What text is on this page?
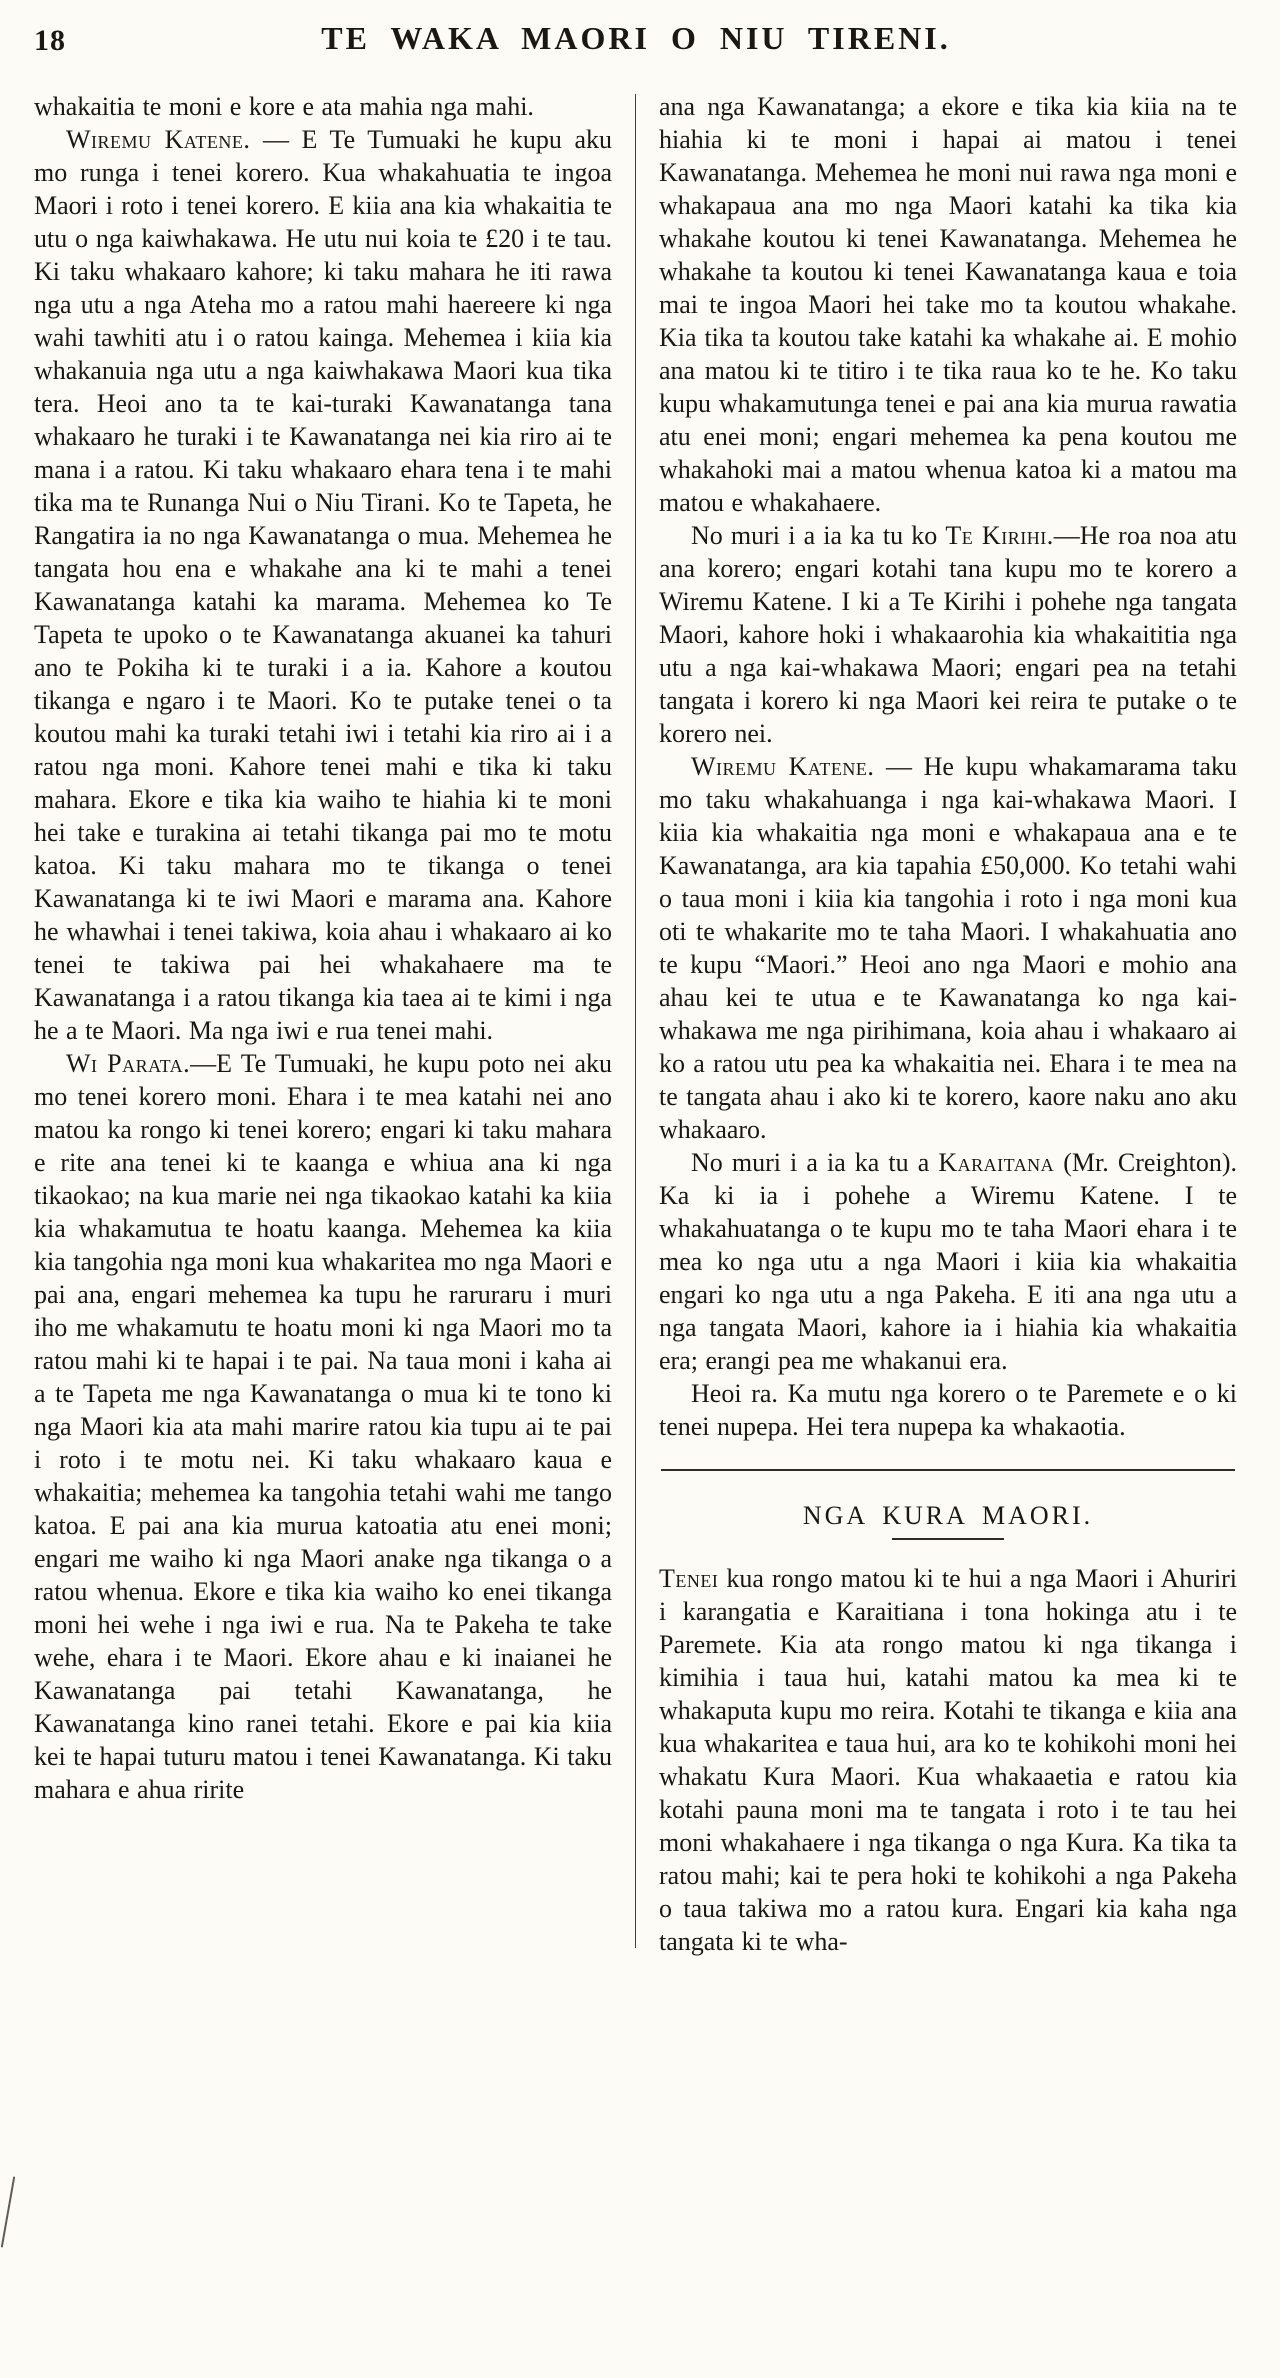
18	TE WAKA MAORI O NIU TIRENI.

whakaitia te moni e kore e ata mahia nga mahi.

Wiremu Katene. — E Te Tumuaki he kupu aku mo runga i tenei korero. Kua whakahuatia te ingoa Maori i roto i tenei korero. E kiia ana kia whakaitia te utu o nga kaiwhakawa. He utu nui koia te £20 i te tau. Ki taku whakaaro kahore; ki taku mahara he iti rawa nga utu a nga Ateha mo a ratou mahi haereere ki nga wahi tawhiti atu i o ratou kainga. Mehemea i kiia kia whakanuia nga utu a nga kaiwhakawa Maori kua tika tera. Heoi ano ta te kai-turaki Kawanatanga tana whakaaro he turaki i te Kawanatanga nei kia riro ai te mana i a ratou. Ki taku whakaaro ehara tena i te mahi tika ma te Runanga Nui o Niu Tirani. Ko te Tapeta, he Rangatira ia no nga Kawanatanga o mua. Mehemea he tangata hou ena e whakahe ana ki te mahi a tenei Kawanatanga katahi ka marama. Mehemea ko Te Tapeta te upoko o te Kawanatanga akuanei ka tahuri ano te Pokiha ki te turaki i a ia. Kahore a koutou tikanga e ngaro i te Maori. Ko te putake tenei o ta koutou mahi ka turaki tetahi iwi i tetahi kia riro ai i a ratou nga moni. Kahore tenei mahi e tika ki taku mahara. Ekore e tika kia waiho te hiahia ki te moni hei take e turakina ai tetahi tikanga pai mo te motu katoa. Ki taku mahara mo te tikanga o tenei Kawanatanga ki te iwi Maori e marama ana. Kahore he whawhai i tenei takiwa, koia ahau i whakaaro ai ko tenei te takiwa pai hei whakahaere ma te Kawanatanga i a ratou tikanga kia taea ai te kimi i nga he a te Maori. Ma nga iwi e rua tenei mahi.

Wi Parata.—E Te Tumuaki, he kupu poto nei aku mo tenei korero moni. Ehara i te mea katahi nei ano matou ka rongo ki tenei korero; engari ki taku mahara e rite ana tenei ki te kaanga e whiua ana ki nga tikaokao; na kua marie nei nga tikaokao katahi ka kiia kia whakamutua te hoatu kaanga. Mehemea ka kiia kia tangohia nga moni kua whakaritea mo nga Maori e pai ana, engari mehemea ka tupu he raruraru i muri iho me whakamutu te hoatu moni ki nga Maori mo ta ratou mahi ki te hapai i te pai. Na taua moni i kaha ai a te Tapeta me nga Kawanatanga o mua ki te tono ki nga Maori kia ata mahi marire ratou kia tupu ai te pai i roto i te motu nei. Ki taku whakaaro kaua e whakaitia; mehemea ka tangohia tetahi wahi me tango katoa. E pai ana kia murua katoatia atu enei moni; engari me waiho ki nga Maori anake nga tikanga o a ratou whenua. Ekore e tika kia waiho ko enei tikanga moni hei wehe i nga iwi e rua. Na te Pakeha te take wehe, ehara i te Maori. Ekore ahau e ki inaianei he Kawanatanga pai tetahi Kawanatanga, he Kawanatanga kino ranei tetahi. Ekore e pai kia kiia kei te hapai tuturu matou i tenei Kawanatanga. Ki taku mahara e ahua ririte

ana nga Kawanatanga; a ekore e tika kia kiia na te hiahia ki te moni i hapai ai matou i tenei Kawanatanga. Mehemea he moni nui rawa nga moni e whakapaua ana mo nga Maori katahi ka tika kia whakahe koutou ki tenei Kawanatanga. Mehemea he whakahe ta koutou ki tenei Kawanatanga kaua e toia mai te ingoa Maori hei take mo ta koutou whakahe. Kia tika ta koutou take katahi ka whakahe ai. E mohio ana matou ki te titiro i te tika raua ko te he. Ko taku kupu whakamutunga tenei e pai ana kia murua rawatia atu enei moni; engari mehemea ka pena koutou me whakahoki mai a matou whenua katoa ki a matou ma matou e whakahaere.

No muri i a ia ka tu ko Te Kirihi.—He roa noa atu ana korero; engari kotahi tana kupu mo te korero a Wiremu Katene. I ki a Te Kirihi i pohehe nga tangata Maori, kahore hoki i whakaarohia kia whakaititia nga utu a nga kai-whakawa Maori; engari pea na tetahi tangata i korero ki nga Maori kei reira te putake o te korero nei.

Wiremu Katene. — He kupu whakamarama taku mo taku whakahuanga i nga kai-whakawa Maori. I kiia kia whakaitia nga moni e whakapaua ana e te Kawanatanga, ara kia tapahia £50,000. Ko tetahi wahi o taua moni i kiia kia tangohia i roto i nga moni kua oti te whakarite mo te taha Maori. I whakahuatia ano te kupu “Maori.” Heoi ano nga Maori e mohio ana ahau kei te utua e te Kawanatanga ko nga kai-whakawa me nga pirihimana, koia ahau i whakaaro ai ko a ratou utu pea ka whakaitia nei. Ehara i te mea na te tangata ahau i ako ki te korero, kaore naku ano aku whakaaro.

No muri i a ia ka tu a Karaitana (Mr. Creighton). Ka ki ia i pohehe a Wiremu Katene. I te whakahuatanga o te kupu mo te taha Maori ehara i te mea ko nga utu a nga Maori i kiia kia whakaitia engari ko nga utu a nga Pakeha. E iti ana nga utu a nga tangata Maori, kahore ia i hiahia kia whakaitia era; erangi pea me whakanui era.

Heoi ra. Ka mutu nga korero o te Paremete e o ki tenei nupepa. Hei tera nupepa ka whakaotia.

NGA KURA MAORI.

Tenei kua rongo matou ki te hui a nga Maori i Ahuriri i karangatia e Karaitiana i tona hokinga atu i te Paremete. Kia ata rongo matou ki nga tikanga i kimihia i taua hui, katahi matou ka mea ki te whakaputa kupu mo reira. Kotahi te tikanga e kiia ana kua whakaritea e taua hui, ara ko te kohikohi moni hei whakatu Kura Maori. Kua whakaaetia e ratou kia kotahi pauna moni ma te tangata i roto i te tau hei moni whakahaere i nga tikanga o nga Kura. Ka tika ta ratou mahi; kai te pera hoki te kohikohi a nga Pakeha o taua takiwa mo a ratou kura. Engari kia kaha nga tangata ki te wha-
